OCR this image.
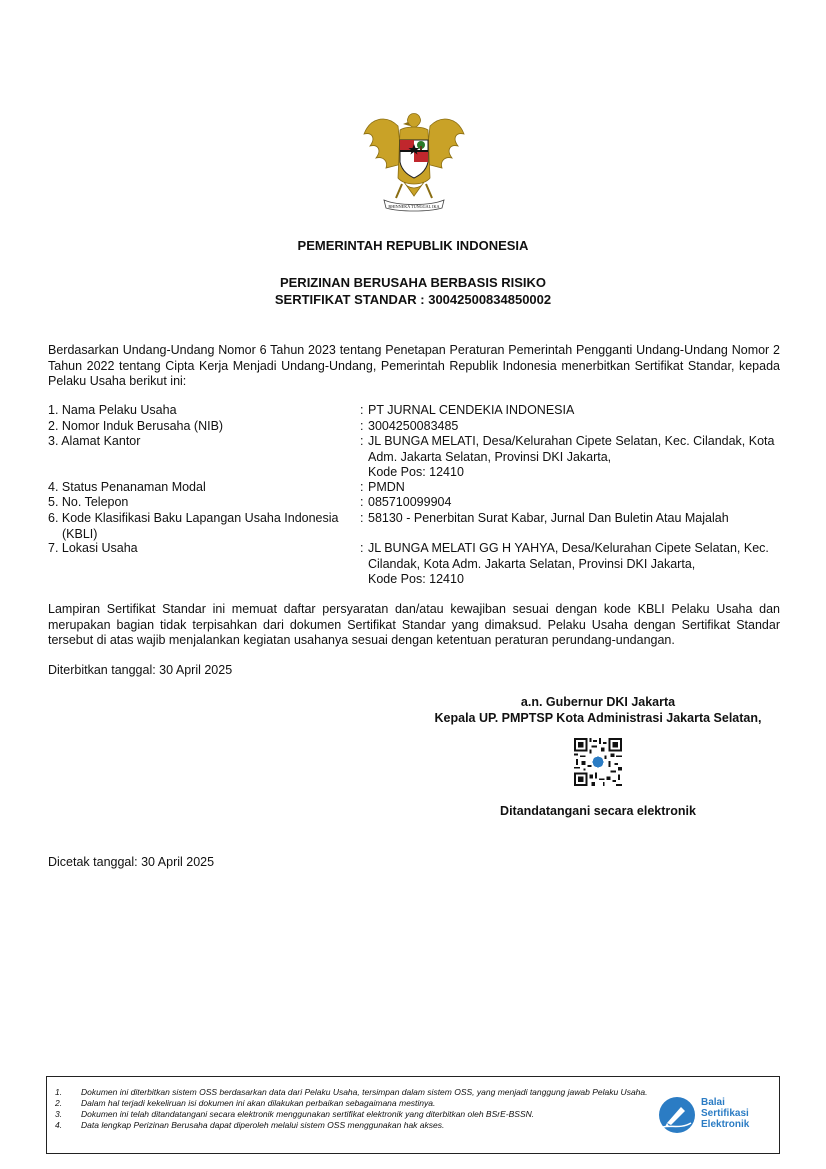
BHINNEKA TUNGGAL IKA
PEMERINTAH REPUBLIK INDONESIA
PERIZINAN BERUSAHA BERBASIS RISIKO
SERTIFIKAT STANDAR : 30042500834850002
Berdasarkan Undang-Undang Nomor 6 Tahun 2023 tentang Penetapan Peraturan Pemerintah Pengganti Undang-Undang Nomor 2 Tahun 2022 tentang Cipta Kerja Menjadi Undang-Undang, Pemerintah Republik Indonesia menerbitkan Sertifikat Standar, kepada Pelaku Usaha berikut ini:
1. Nama Pelaku Usaha	: PT JURNAL CENDEKIA INDONESIA
2. Nomor Induk Berusaha (NIB)	: 3004250083485
3. Alamat Kantor	: JL BUNGA MELATI, Desa/Kelurahan Cipete Selatan, Kec. Cilandak, Kota
Adm. Jakarta Selatan, Provinsi DKI Jakarta,
Kode Pos: 12410
4. Status Penanaman Modal	: PMDN
5. No. Telepon	: 085710099904
6. Kode Klasifikasi Baku Lapangan Usaha Indonesia
(KBLI)
: 58130 - Penerbitan Surat Kabar, Jurnal Dan Buletin Atau Majalah
7. Lokasi Usaha	: JL BUNGA MELATI GG H YAHYA, Desa/Kelurahan Cipete Selatan, Kec.
Cilandak, Kota Adm. Jakarta Selatan, Provinsi DKI Jakarta,
Kode Pos: 12410
Lampiran Sertifikat Standar ini memuat daftar persyaratan dan/atau kewajiban sesuai dengan kode KBLI Pelaku Usaha dan merupakan bagian tidak terpisahkan dari dokumen Sertifikat Standar yang dimaksud. Pelaku Usaha dengan Sertifikat Standar tersebut di atas wajib menjalankan kegiatan usahanya sesuai dengan ketentuan peraturan perundang-undangan.
Diterbitkan tanggal: 30 April 2025
a.n. Gubernur DKI Jakarta
Kepala UP. PMPTSP Kota Administrasi Jakarta Selatan,
Ditandatangani secara elektronik
Dicetak tanggal: 30 April 2025
1. Dokumen ini diterbitkan sistem OSS berdasarkan data dari Pelaku Usaha, tersimpan dalam sistem OSS, yang menjadi tanggung jawab Pelaku Usaha.
2. Dalam hal terjadi kekeliruan isi dokumen ini akan dilakukan perbaikan sebagaimana mestinya.
3. Dokumen ini telah ditandatangani secara elektronik menggunakan sertifikat elektronik yang diterbitkan oleh BSrE-BSSN.
4. Data lengkap Perizinan Berusaha dapat diperoleh melalui sistem OSS menggunakan hak akses.
Balai
Sertifikasi
Elektronik
